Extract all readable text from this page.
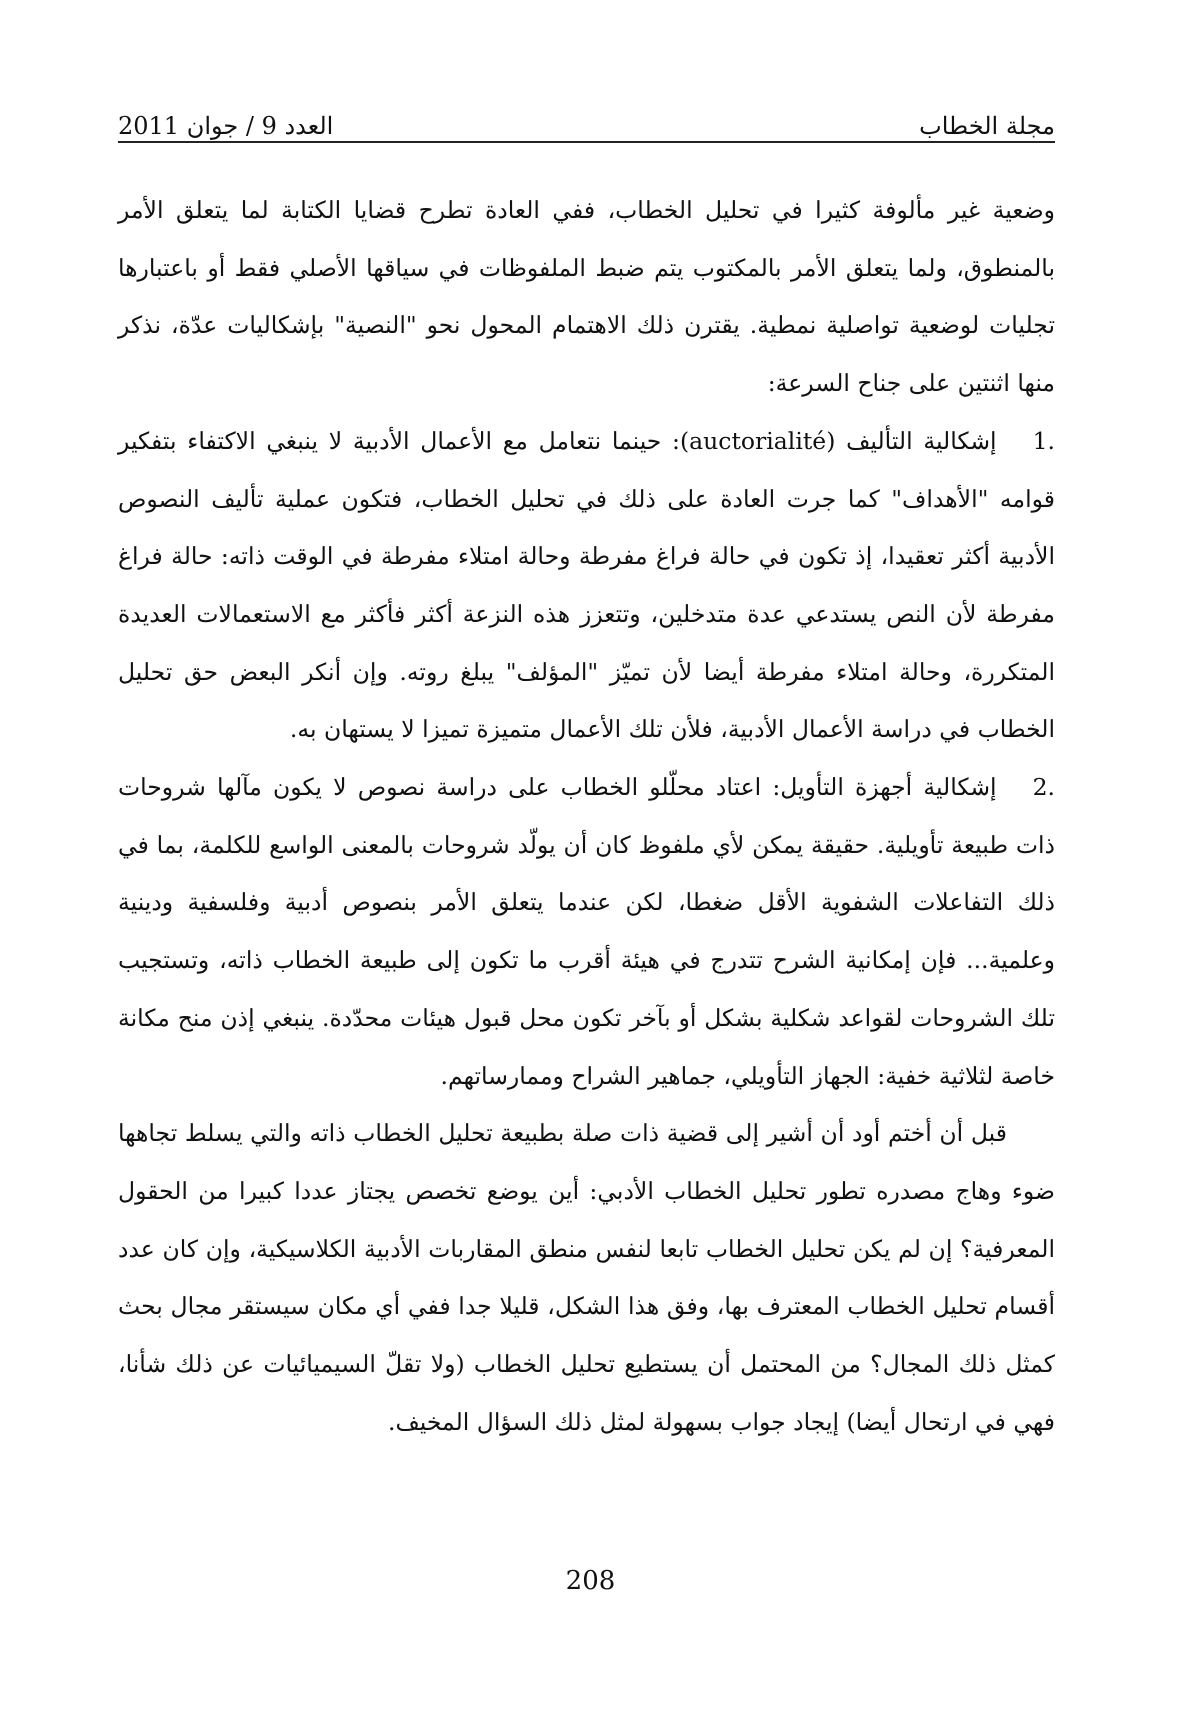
مجلة الخطاب
العدد 9 / جوان 2011

وضعية غير مألوفة كثيرا في تحليل الخطاب، ففي العادة تطرح قضايا الكتابة لما يتعلق الأمر بالمنطوق، ولما يتعلق الأمر بالمكتوب يتم ضبط الملفوظات في سياقها الأصلي فقط أو باعتبارها تجليات لوضعية تواصلية نمطية. يقترن ذلك الاهتمام المحول نحو "النصية" بإشكاليات عدّة، نذكر منها اثنتين على جناح السرعة:

1.إشكالية التأليف (auctorialité): حينما نتعامل مع الأعمال الأدبية لا ينبغي الاكتفاء بتفكير قوامه "الأهداف" كما جرت العادة على ذلك في تحليل الخطاب، فتكون عملية تأليف النصوص الأدبية أكثر تعقيدا، إذ تكون في حالة فراغ مفرطة وحالة امتلاء مفرطة في الوقت ذاته: حالة فراغ مفرطة لأن النص يستدعي عدة متدخلين، وتتعزز هذه النزعة أكثر فأكثر مع الاستعمالات العديدة المتكررة، وحالة امتلاء مفرطة أيضا لأن تميّز "المؤلف" يبلغ روته. وإن أنكر البعض حق تحليل الخطاب في دراسة الأعمال الأدبية، فلأن تلك الأعمال متميزة تميزا لا يستهان به.

2.إشكالية أجهزة التأويل: اعتاد محلّلو الخطاب على دراسة نصوص لا يكون مآلها شروحات ذات طبيعة تأويلية. حقيقة يمكن لأي ملفوظ كان أن يولّد شروحات بالمعنى الواسع للكلمة، بما في ذلك التفاعلات الشفوية الأقل ضغطا، لكن عندما يتعلق الأمر بنصوص أدبية وفلسفية ودينية وعلمية... فإن إمكانية الشرح تتدرج في هيئة أقرب ما تكون إلى طبيعة الخطاب ذاته، وتستجيب تلك الشروحات لقواعد شكلية بشكل أو بآخر تكون محل قبول هيئات محدّدة. ينبغي إذن منح مكانة خاصة لثلاثية خفية: الجهاز التأويلي، جماهير الشراح وممارساتهم.

قبل أن أختم أود أن أشير إلى قضية ذات صلة بطبيعة تحليل الخطاب ذاته والتي يسلط تجاهها ضوء وهاج مصدره تطور تحليل الخطاب الأدبي: أين يوضع تخصص يجتاز عددا كبيرا من الحقول المعرفية؟ إن لم يكن تحليل الخطاب تابعا لنفس منطق المقاربات الأدبية الكلاسيكية، وإن كان عدد أقسام تحليل الخطاب المعترف بها، وفق هذا الشكل، قليلا جدا ففي أي مكان سيستقر مجال بحث كمثل ذلك المجال؟ من المحتمل أن يستطيع تحليل الخطاب (ولا تقلّ السيميائيات عن ذلك شأنا، فهي في ارتحال أيضا) إيجاد جواب بسهولة لمثل ذلك السؤال المخيف.

208
